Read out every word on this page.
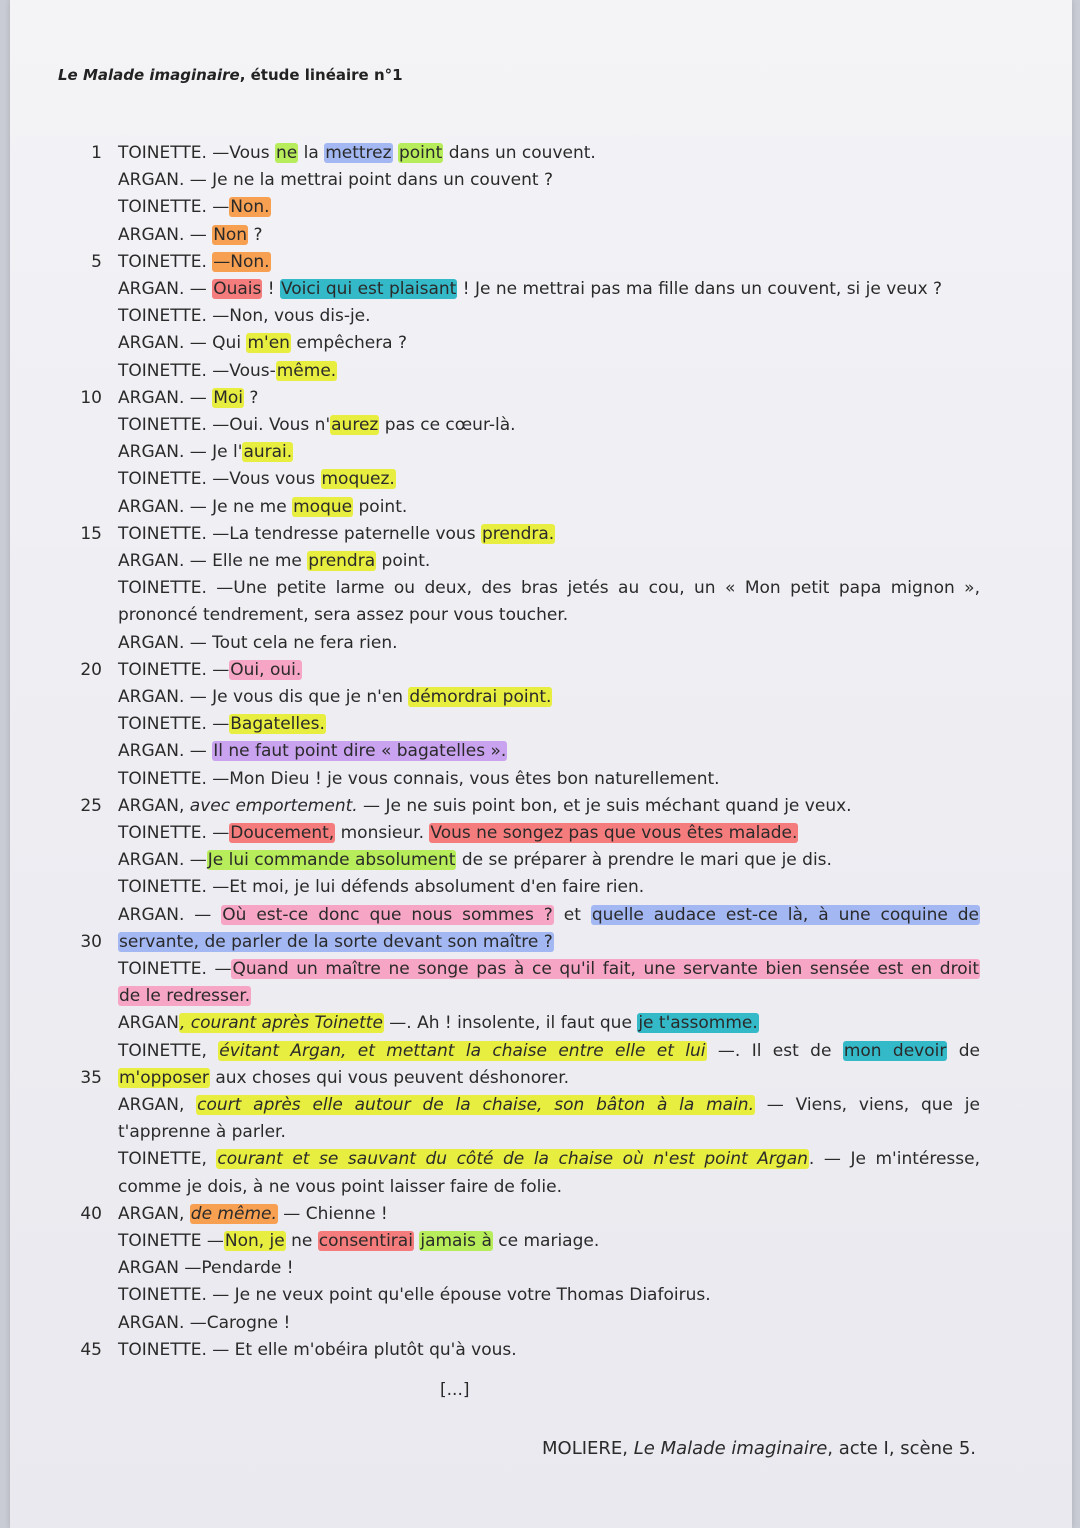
Le Malade imaginaire, étude linéaire n°1
TOINETTE. —Vous ne la mettrez point dans un couvent.
ARGAN. — Je ne la mettrai point dans un couvent ?
TOINETTE. —Non.
ARGAN. — Non ?
TOINETTE. —Non.
ARGAN. — Ouais ! Voici qui est plaisant ! Je ne mettrai pas ma fille dans un couvent, si je veux ?
TOINETTE. —Non, vous dis-je.
ARGAN. — Qui m'en empêchera ?
TOINETTE. —Vous-même.
ARGAN. — Moi ?
TOINETTE. —Oui. Vous n'aurez pas ce cœur-là.
ARGAN. — Je l'aurai.
TOINETTE. —Vous vous moquez.
ARGAN. — Je ne me moque point.
TOINETTE. —La tendresse paternelle vous prendra.
ARGAN. — Elle ne me prendra point.
TOINETTE. —Une petite larme ou deux, des bras jetés au cou, un « Mon petit papa mignon »,
prononcé tendrement, sera assez pour vous toucher.
ARGAN. — Tout cela ne fera rien.
TOINETTE. —Oui, oui.
ARGAN. — Je vous dis que je n'en démordrai point.
TOINETTE. —Bagatelles.
ARGAN. — Il ne faut point dire « bagatelles ».
TOINETTE. —Mon Dieu ! je vous connais, vous êtes bon naturellement.
ARGAN, avec emportement. — Je ne suis point bon, et je suis méchant quand je veux.
TOINETTE. —Doucement, monsieur. Vous ne songez pas que vous êtes malade.
ARGAN. —Je lui commande absolument de se préparer à prendre le mari que je dis.
TOINETTE. —Et moi, je lui défends absolument d'en faire rien.
ARGAN. — Où est-ce donc que nous sommes ? et quelle audace est-ce là, à une coquine de
servante, de parler de la sorte devant son maître ?
TOINETTE. —Quand un maître ne songe pas à ce qu'il fait, une servante bien sensée est en droit
de le redresser.
ARGAN, courant après Toinette —. Ah ! insolente, il faut que je t'assomme.
TOINETTE, évitant Argan, et mettant la chaise entre elle et lui —. Il est de mon devoir de
m'opposer aux choses qui vous peuvent déshonorer.
ARGAN, court après elle autour de la chaise, son bâton à la main. — Viens, viens, que je
t'apprenne à parler.
TOINETTE, courant et se sauvant du côté de la chaise où n'est point Argan. — Je m'intéresse,
comme je dois, à ne vous point laisser faire de folie.
ARGAN, de même. — Chienne !
TOINETTE —Non, je ne consentirai jamais à ce mariage.
ARGAN —Pendarde !
TOINETTE. — Je ne veux point qu'elle épouse votre Thomas Diafoirus.
ARGAN. —Carogne !
TOINETTE. — Et elle m'obéira plutôt qu'à vous.
1
5
10
15
20
25
30
35
40
45
[...]
MOLIERE, Le Malade imaginaire, acte I, scène 5.
